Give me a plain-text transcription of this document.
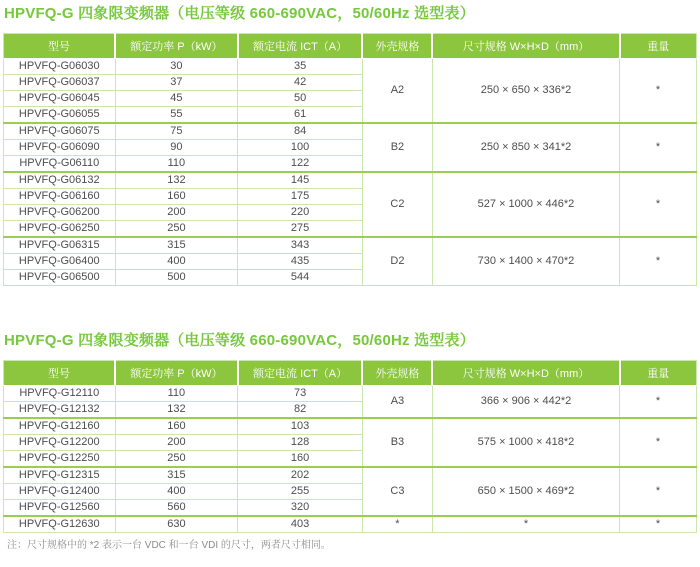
HPVFQ-G 四象限变频器（电压等级 660-690VAC，50/60Hz 选型表）
型号	额定功率 P（kW）	额定电流 ICT（A）	外壳规格	尺寸规格 W×H×D（mm）	重量
HPVFQ-G06030	30	35	A2	250 × 650 × 336*2	*
HPVFQ-G06037	37	42			
HPVFQ-G06045	45	50			
HPVFQ-G06055	55	61			
HPVFQ-G06075	75	84	B2	250 × 850 × 341*2	*
HPVFQ-G06090	90	100			
HPVFQ-G06110	110	122			
HPVFQ-G06132	132	145	C2	527 × 1000 × 446*2	*
HPVFQ-G06160	160	175			
HPVFQ-G06200	200	220			
HPVFQ-G06250	250	275			
HPVFQ-G06315	315	343	D2	730 × 1400 × 470*2	*
HPVFQ-G06400	400	435			
HPVFQ-G06500	500	544			
HPVFQ-G 四象限变频器（电压等级 660-690VAC，50/60Hz 选型表）
型号	额定功率 P（kW）	额定电流 ICT（A）	外壳规格	尺寸规格 W×H×D（mm）	重量
HPVFQ-G12110	110	73	A3	366 × 906 × 442*2	*
HPVFQ-G12132	132	82			
HPVFQ-G12160	160	103	B3	575 × 1000 × 418*2	*
HPVFQ-G12200	200	128			
HPVFQ-G12250	250	160			
HPVFQ-G12315	315	202	C3	650 × 1500 × 469*2	*
HPVFQ-G12400	400	255			
HPVFQ-G12560	560	320			
HPVFQ-G12630	630	403	*	*	*

注：尺寸规格中的 *2 表示一台 VDC 和一台 VDI 的尺寸，两者尺寸相同。
